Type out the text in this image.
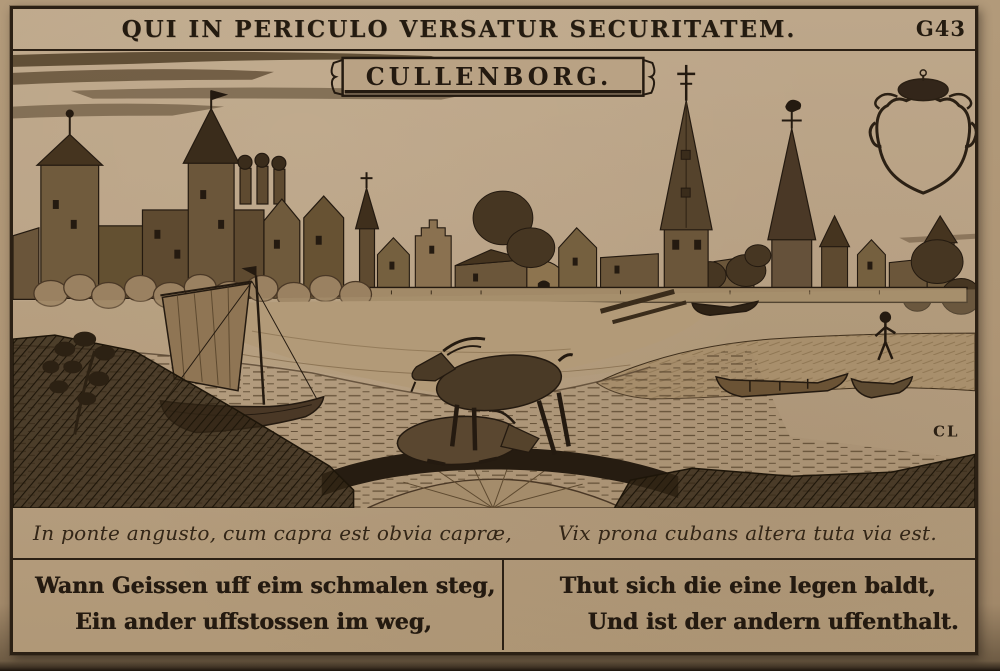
QUI IN PERICULO VERSATUR SECURITATEM.	G43
CULLENBORG.
CL
In ponte angusto, cum capra est obvia capræ, Vix prona cubans altera tuta via est.
Wann Geissen uff eim schmalen steg,
Ein ander uffstossen im weg,
Thut sich die eine legen baldt,
Und ist der andern uffenthalt.
